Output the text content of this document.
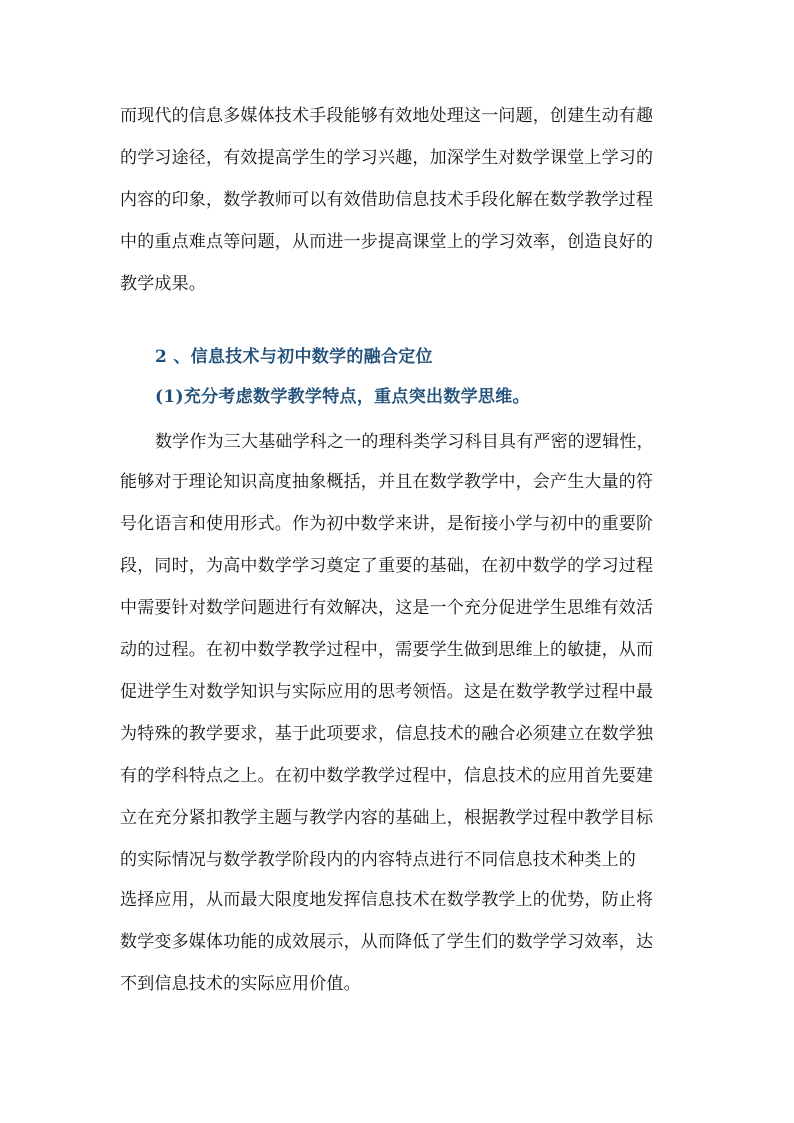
而现代的信息多媒体技术手段能够有效地处理这一问题，创建生动有趣
的学习途径，有效提高学生的学习兴趣，加深学生对数学课堂上学习的
内容的印象，数学教师可以有效借助信息技术手段化解在数学教学过程
中的重点难点等问题，从而进一步提高课堂上的学习效率，创造良好的
教学成果。
2 、信息技术与初中数学的融合定位
(1)充分考虑数学教学特点，重点突出数学思维。
数学作为三大基础学科之一的理科类学习科目具有严密的逻辑性，
能够对于理论知识高度抽象概括，并且在数学教学中，会产生大量的符
号化语言和使用形式。作为初中数学来讲，是衔接小学与初中的重要阶
段，同时，为高中数学学习奠定了重要的基础，在初中数学的学习过程
中需要针对数学问题进行有效解决，这是一个充分促进学生思维有效活
动的过程。在初中数学教学过程中，需要学生做到思维上的敏捷，从而
促进学生对数学知识与实际应用的思考领悟。这是在数学教学过程中最
为特殊的教学要求，基于此项要求，信息技术的融合必须建立在数学独
有的学科特点之上。在初中数学教学过程中，信息技术的应用首先要建
立在充分紧扣教学主题与教学内容的基础上，根据教学过程中教学目标
的实际情况与数学教学阶段内的内容特点进行不同信息技术种类上的
选择应用，从而最大限度地发挥信息技术在数学教学上的优势，防止将
数学变多媒体功能的成效展示，从而降低了学生们的数学学习效率，达
不到信息技术的实际应用价值。
